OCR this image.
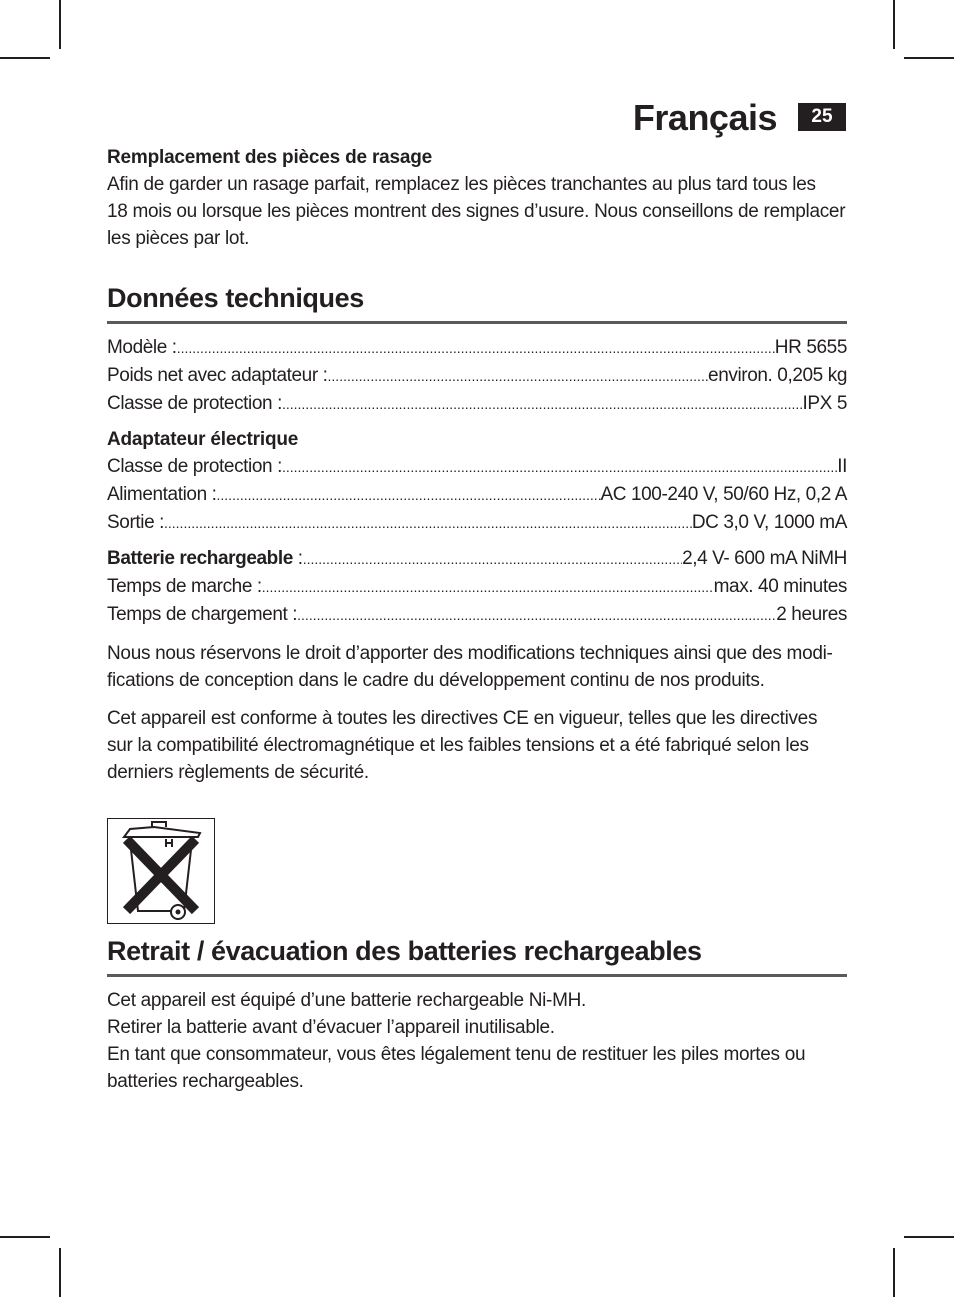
Français	25
Remplacement des pièces de rasage

Afin de garder un rasage parfait, remplacez les pièces tranchantes au plus tard tous les

18 mois ou lorsque les pièces montrent des signes d’usure. Nous conseillons de remplacer

les pièces par lot.

Données techniques
Modèle : .....	HR 5655
Poids net avec adaptateur : .....	environ. 0,205 kg
Classe de protection : .....	IPX 5
Adaptateur électrique
Classe de protection : .....	II
Alimentation : .....	AC 100-240 V, 50/60 Hz, 0,2 A
Sortie : .....	DC 3,0 V, 1000 mA
Batterie rechargeable : .....	2,4 V- 600 mA NiMH
Temps de marche : .....	max. 40 minutes
Temps de chargement : .....	2 heures

Nous nous réservons le droit d’apporter des modifications techniques ainsi que des modi-

fications de conception dans le cadre du développement continu de nos produits.

Cet appareil est conforme à toutes les directives CE en vigueur, telles que les directives

sur la compatibilité électromagnétique et les faibles tensions et a été fabriqué selon les

derniers règlements de sécurité.

Retrait / évacuation des batteries rechargeables

Cet appareil est équipé d’une batterie rechargeable Ni-MH.

Retirer la batterie avant d’évacuer l’appareil inutilisable.

En tant que consommateur, vous êtes légalement tenu de restituer les piles mortes ou

batteries rechargeables.
